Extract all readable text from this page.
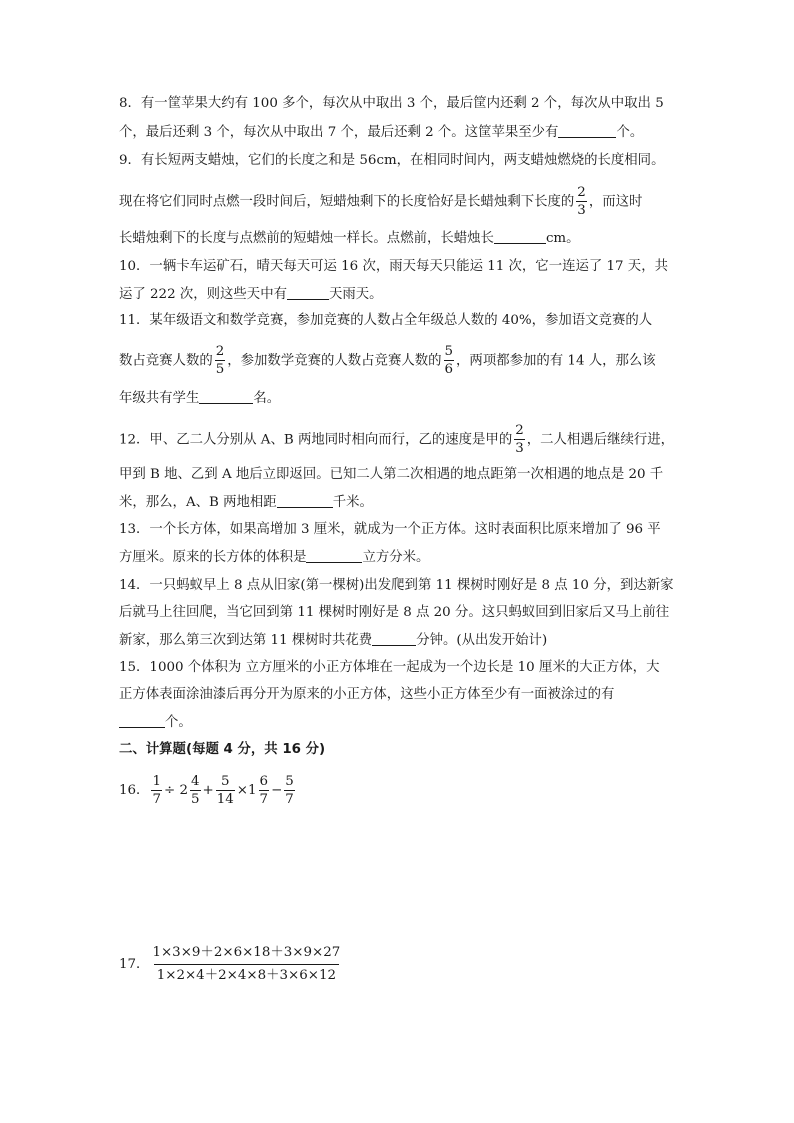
8．有一筐苹果大约有 100 多个，每次从中取出 3 个，最后筐内还剩 2 个，每次从中取出 5
个，最后还剩 3 个，每次从中取出 7 个，最后还剩 2 个。这筐苹果至少有	个。
9．有长短两支蜡烛，它们的长度之和是 56cm，在相同时间内，两支蜡烛燃烧的长度相同。
现在将它们同时点燃一段时间后，短蜡烛剩下的长度恰好是长蜡烛剩下长度的 $\frac{2}{3}$ ，而这时
长蜡烛剩下的长度与点燃前的短蜡烛一样长。点燃前，长蜡烛长	cm。
10．一辆卡车运矿石，晴天每天可运 16 次，雨天每天只能运 11 次，它一连运了 17 天，共
运了 222 次，则这些天中有	天雨天。
11．某年级语文和数学竞赛，参加竞赛的人数占全年级总人数的 40%，参加语文竞赛的人
数占竞赛人数的 $\frac{2}{5}$ ，参加数学竞赛的人数占竞赛人数的 $\frac{5}{6}$ ，两项都参加的有 14 人，那么该
年级共有学生	名。
12．甲、乙二人分别从 A、B 两地同时相向而行，乙的速度是甲的 $\frac{2}{3}$ ，二人相遇后继续行进，
甲到 B 地、乙到 A 地后立即返回。已知二人第二次相遇的地点距第一次相遇的地点是 20 千
米，那么，A、B 两地相距	千米。
13．一个长方体，如果高增加 3 厘米，就成为一个正方体。这时表面积比原来增加了 96 平
方厘米。原来的长方体的体积是	立方分米。
14．一只蚂蚁早上 8 点从旧家(第一棵树)出发爬到第 11 棵树时刚好是 8 点 10 分，到达新家
后就马上往回爬，当它回到第 11 棵树时刚好是 8 点 20 分。这只蚂蚁回到旧家后又马上前往
新家，那么第三次到达第 11 棵树时共花费	分钟。(从出发开始计)
15．1000 个体积为 立方厘米的小正方体堆在一起成为一个边长是 10 厘米的大正方体，大
正方体表面涂油漆后再分开为原来的小正方体，这些小正方体至少有一面被涂过的有
个。
二、计算题(每题 4 分，共 16 分)
16． $\frac{1}{7} \div 2 \frac{4}{5} + \frac{5}{14} \times 1 \frac{6}{7} - \frac{5}{7}$
17． $\frac{1\times 3\times 9+2\times 6\times 18+3\times 9\times 27}{1\times 2\times 4+2\times 4\times 8+3\times 6\times 12}$
